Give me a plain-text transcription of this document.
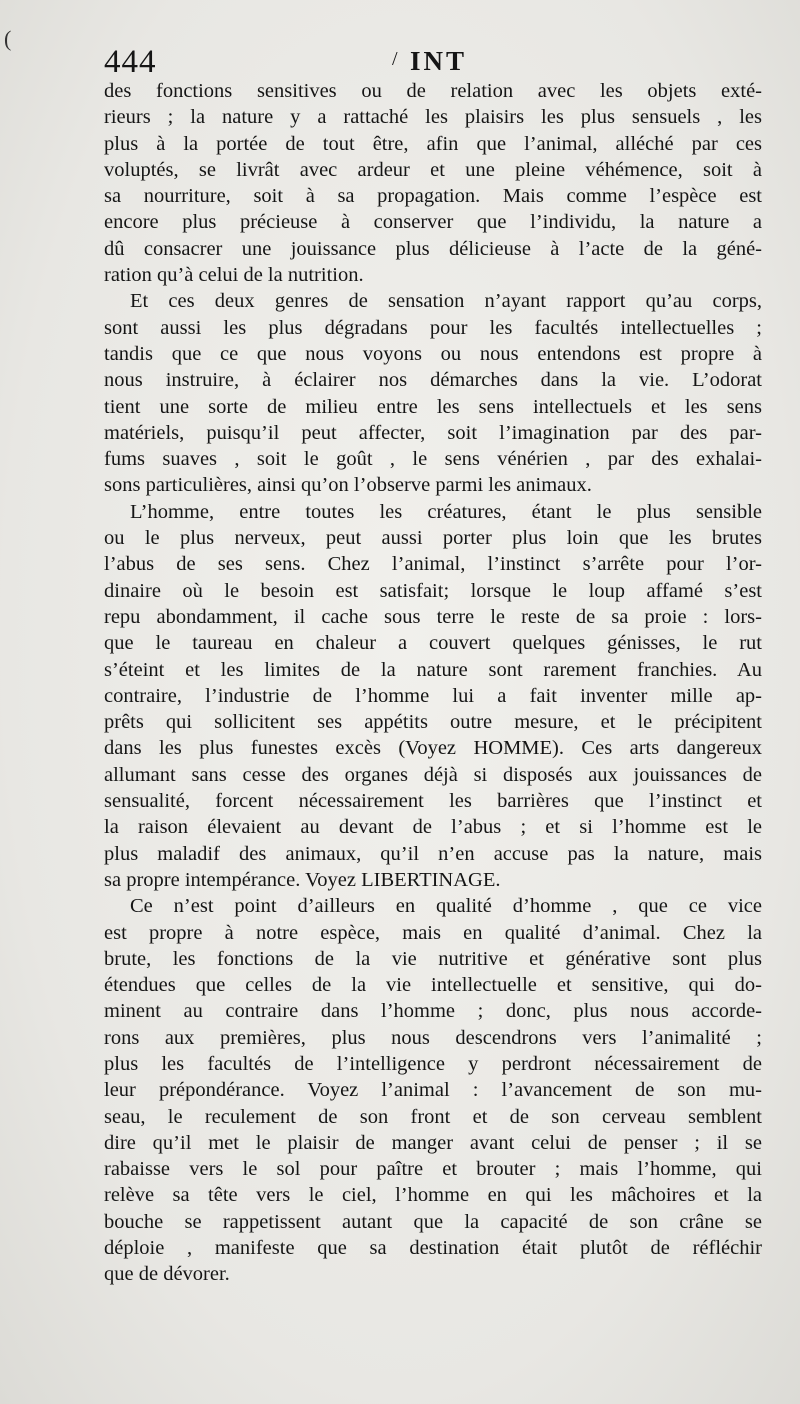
(
444	/ INT
des fonctions sensitives ou de relation avec les objets exté-
rieurs ; la nature y a rattaché les plaisirs les plus sensuels , les
plus à la portée de tout être, afin que l’animal, alléché par ces
voluptés, se livrât avec ardeur et une pleine véhémence, soit à
sa nourriture, soit à sa propagation. Mais comme l’espèce est
encore plus précieuse à conserver que l’individu, la nature a
dû consacrer une jouissance plus délicieuse à l’acte de la géné-
ration qu’à celui de la nutrition.
Et ces deux genres de sensation n’ayant rapport qu’au corps,
sont aussi les plus dégradans pour les facultés intellectuelles ;
tandis que ce que nous voyons ou nous entendons est propre à
nous instruire, à éclairer nos démarches dans la vie. L’odorat
tient une sorte de milieu entre les sens intellectuels et les sens
matériels, puisqu’il peut affecter, soit l’imagination par des par-
fums suaves , soit le goût , le sens vénérien , par des exhalai-
sons particulières, ainsi qu’on l’observe parmi les animaux.
L’homme, entre toutes les créatures, étant le plus sensible
ou le plus nerveux, peut aussi porter plus loin que les brutes
l’abus de ses sens. Chez l’animal, l’instinct s’arrête pour l’or-
dinaire où le besoin est satisfait; lorsque le loup affamé s’est
repu abondamment, il cache sous terre le reste de sa proie : lors-
que le taureau en chaleur a couvert quelques génisses, le rut
s’éteint et les limites de la nature sont rarement franchies. Au
contraire, l’industrie de l’homme lui a fait inventer mille ap-
prêts qui sollicitent ses appétits outre mesure, et le précipitent
dans les plus funestes excès (Voyez HOMME). Ces arts dangereux
allumant sans cesse des organes déjà si disposés aux jouissances de
sensualité, forcent nécessairement les barrières que l’instinct et
la raison élevaient au devant de l’abus ; et si l’homme est le
plus maladif des animaux, qu’il n’en accuse pas la nature, mais
sa propre intempérance. Voyez LIBERTINAGE.
Ce n’est point d’ailleurs en qualité d’homme , que ce vice
est propre à notre espèce, mais en qualité d’animal. Chez la
brute, les fonctions de la vie nutritive et générative sont plus
étendues que celles de la vie intellectuelle et sensitive, qui do-
minent au contraire dans l’homme ; donc, plus nous accorde-
rons aux premières, plus nous descendrons vers l’animalité ;
plus les facultés de l’intelligence y perdront nécessairement de
leur prépondérance. Voyez l’animal : l’avancement de son mu-
seau, le reculement de son front et de son cerveau semblent
dire qu’il met le plaisir de manger avant celui de penser ; il se
rabaisse vers le sol pour paître et brouter ; mais l’homme, qui
relève sa tête vers le ciel, l’homme en qui les mâchoires et la
bouche se rappetissent autant que la capacité de son crâne se
déploie , manifeste que sa destination était plutôt de réfléchir
que de dévorer.
